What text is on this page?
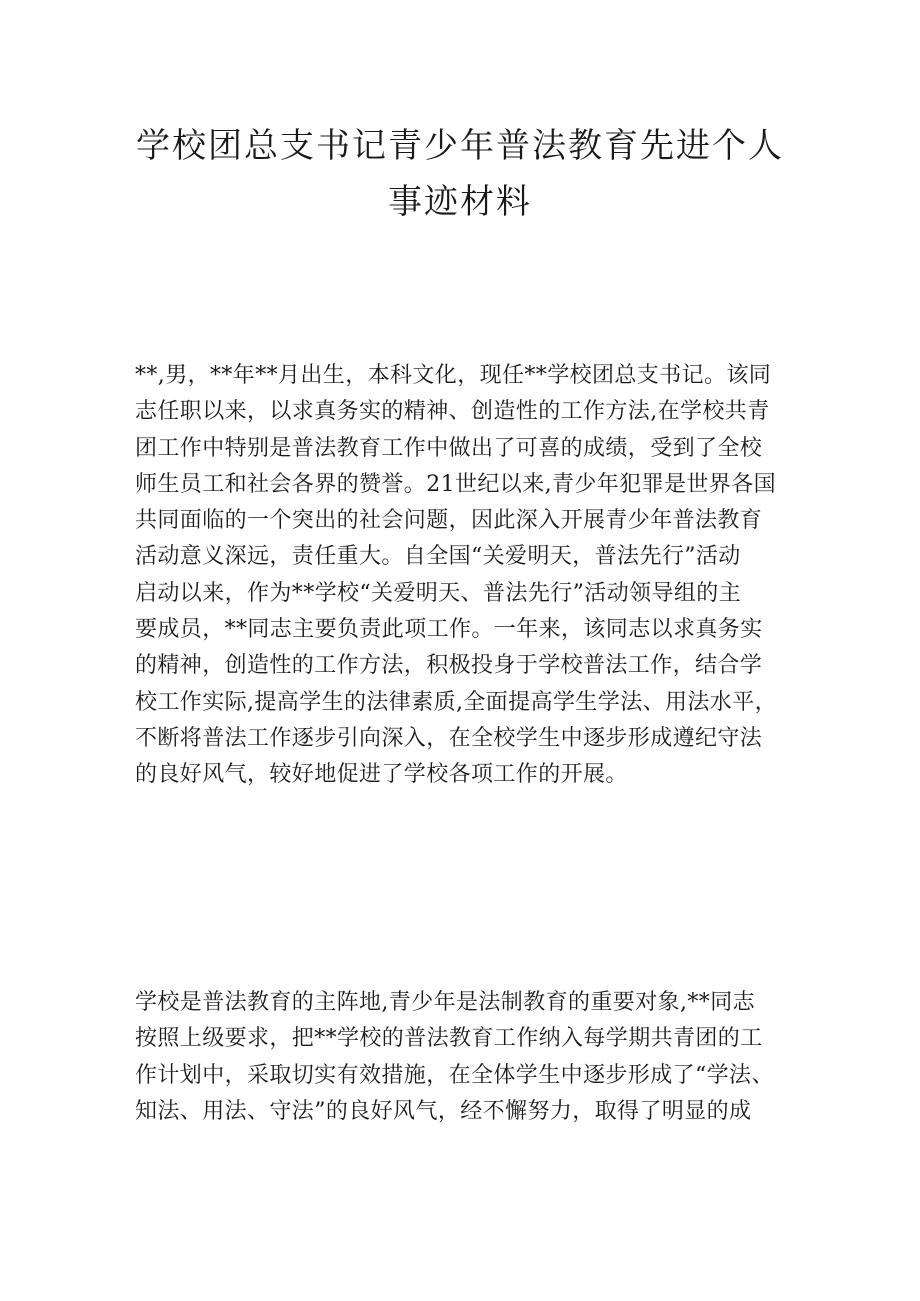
学校团总支书记青少年普法教育先进个人
事迹材料
**,男，**年**月出生，本科文化，现任**学校团总支书记。该同
志任职以来，以求真务实的精神、创造性的工作方法,在学校共青
团工作中特别是普法教育工作中做出了可喜的成绩，受到了全校
师生员工和社会各界的赞誉。21世纪以来,青少年犯罪是世界各国
共同面临的一个突出的社会问题，因此深入开展青少年普法教育
活动意义深远，责任重大。自全国“关爱明天，普法先行”活动
启动以来，作为**学校“关爱明天、普法先行”活动领导组的主
要成员，**同志主要负责此项工作。一年来，该同志以求真务实
的精神，创造性的工作方法，积极投身于学校普法工作，结合学
校工作实际,提高学生的法律素质,全面提高学生学法、用法水平，
不断将普法工作逐步引向深入，在全校学生中逐步形成遵纪守法
的良好风气，较好地促进了学校各项工作的开展。
学校是普法教育的主阵地,青少年是法制教育的重要对象,**同志
按照上级要求，把**学校的普法教育工作纳入每学期共青团的工
作计划中，采取切实有效措施，在全体学生中逐步形成了“学法、
知法、用法、守法”的良好风气，经不懈努力，取得了明显的成
